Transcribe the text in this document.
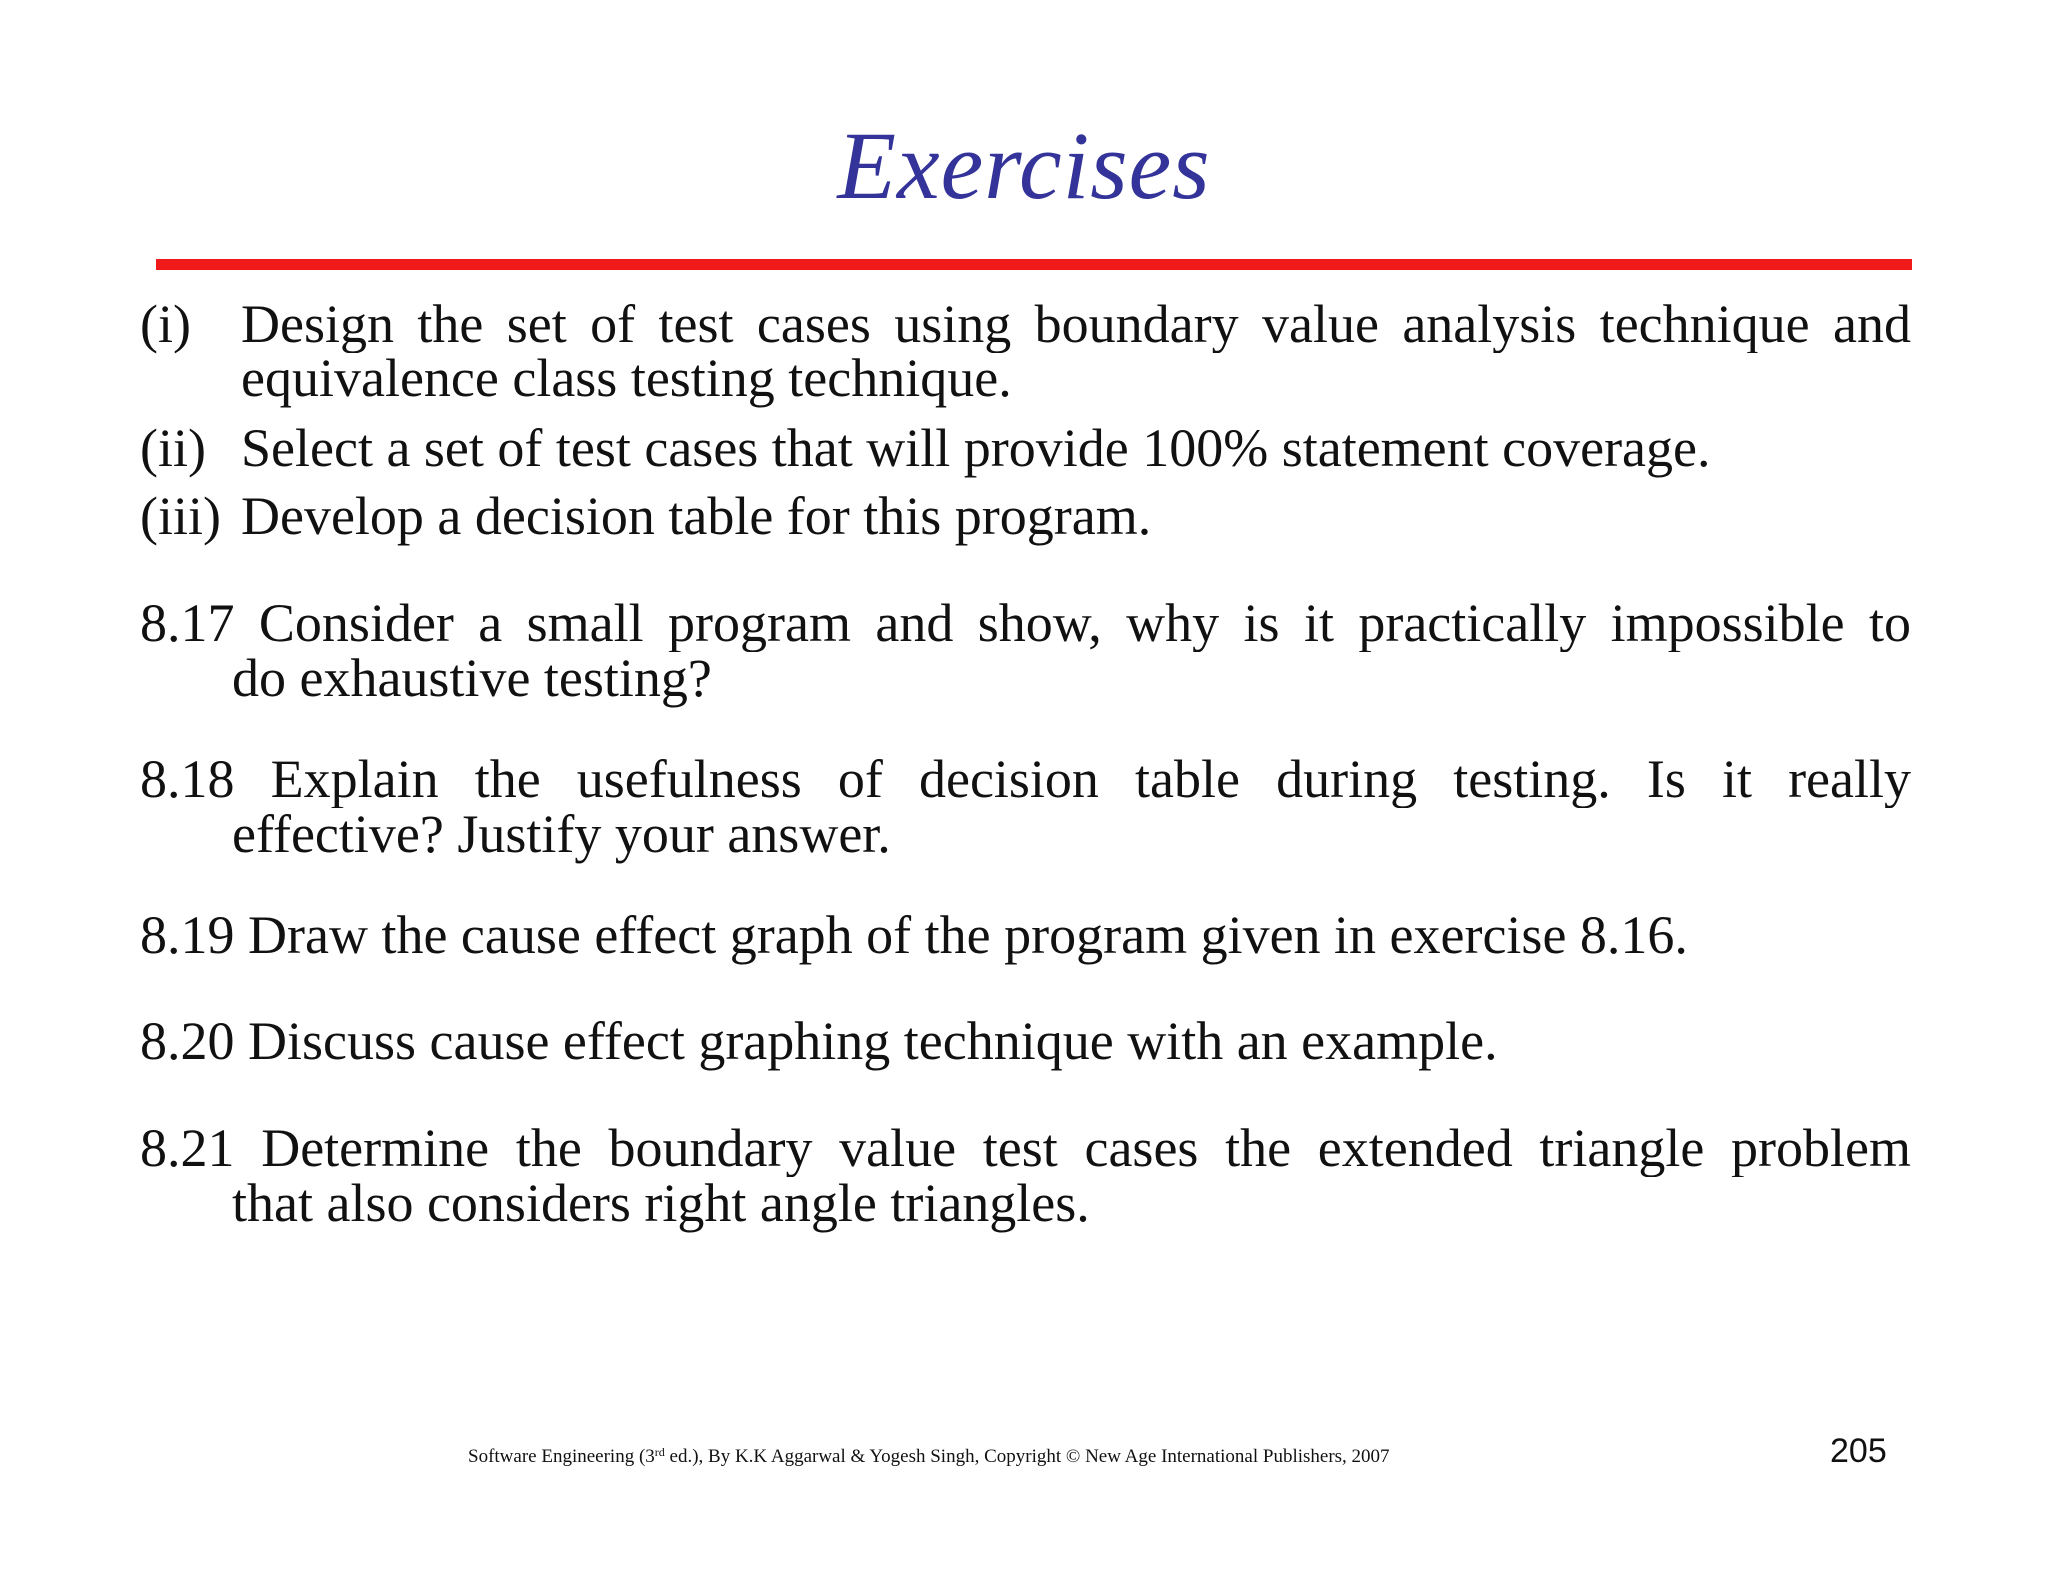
Exercises
(i) Design the set of test cases using boundary value analysis technique and
equivalence class testing technique.
(ii) Select a set of test cases that will provide 100% statement coverage.
(iii) Develop a decision table for this program.
8.17 Consider a small program and show, why is it practically impossible to
do exhaustive testing?
8.18 Explain the usefulness of decision table during testing. Is it really
effective? Justify your answer.
8.19 Draw the cause effect graph of the program given in exercise 8.16.
8.20 Discuss cause effect graphing technique with an example.
8.21 Determine the boundary value test cases the extended triangle problem
that also considers right angle triangles.
Software Engineering (3rd ed.), By K.K Aggarwal & Yogesh Singh, Copyright © New Age International Publishers, 2007	205
